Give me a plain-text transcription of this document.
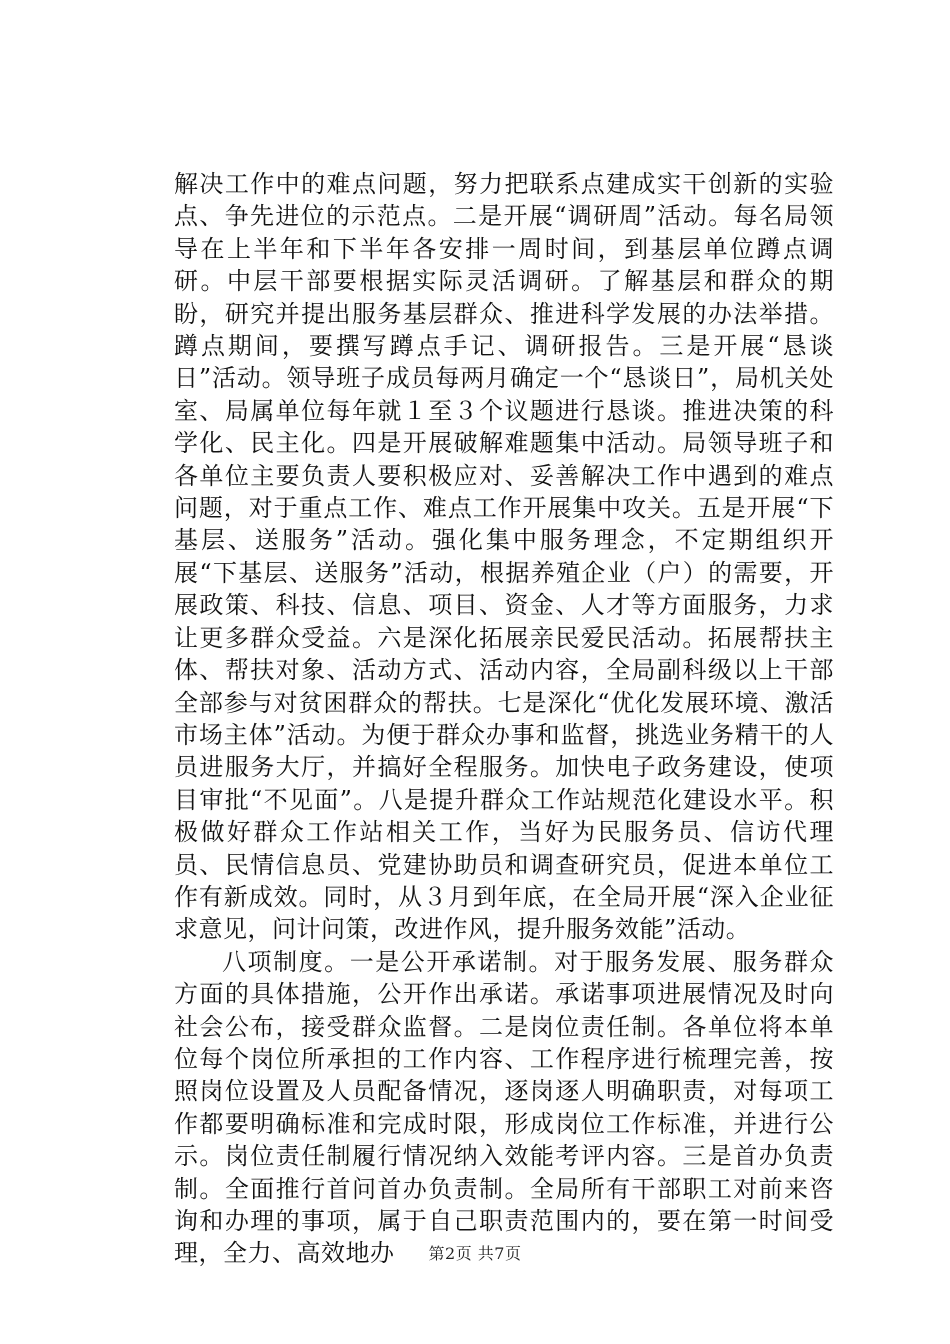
解决工作中的难点问题，努力把联系点建成实干创新的实验点、争先进位的示范点。二是开展“调研周”活动。每名局领导在上半年和下半年各安排一周时间，到基层单位蹲点调研。中层干部要根据实际灵活调研。了解基层和群众的期盼，研究并提出服务基层群众、推进科学发展的办法举措。蹲点期间，要撰写蹲点手记、调研报告。三是开展“恳谈日”活动。领导班子成员每两月确定一个“恳谈日”，局机关处室、局属单位每年就１至３个议题进行恳谈。推进决策的科学化、民主化。四是开展破解难题集中活动。局领导班子和各单位主要负责人要积极应对、妥善解决工作中遇到的难点问题，对于重点工作、难点工作开展集中攻关。五是开展“下基层、送服务”活动。强化集中服务理念，不定期组织开展“下基层、送服务”活动，根据养殖企业（户）的需要，开展政策、科技、信息、项目、资金、人才等方面服务，力求让更多群众受益。六是深化拓展亲民爱民活动。拓展帮扶主体、帮扶对象、活动方式、活动内容，全局副科级以上干部全部参与对贫困群众的帮扶。七是深化“优化发展环境、激活市场主体”活动。为便于群众办事和监督，挑选业务精干的人员进服务大厅，并搞好全程服务。加快电子政务建设，使项目审批“不见面”。八是提升群众工作站规范化建设水平。积极做好群众工作站相关工作，当好为民服务员、信访代理员、民情信息员、党建协助员和调查研究员，促进本单位工作有新成效。同时，从３月到年底，在全局开展“深入企业征求意见，问计问策，改进作风，提升服务效能”活动。

八项制度。一是公开承诺制。对于服务发展、服务群众方面的具体措施，公开作出承诺。承诺事项进展情况及时向社会公布，接受群众监督。二是岗位责任制。各单位将本单位每个岗位所承担的工作内容、工作程序进行梳理完善，按照岗位设置及人员配备情况，逐岗逐人明确职责，对每项工作都要明确标准和完成时限，形成岗位工作标准，并进行公示。岗位责任制履行情况纳入效能考评内容。三是首办负责制。全面推行首问首办负责制。全局所有干部职工对前来咨询和办理的事项，属于自己职责范围内的，要在第一时间受理，全力、高效地办	第2页 共7页
